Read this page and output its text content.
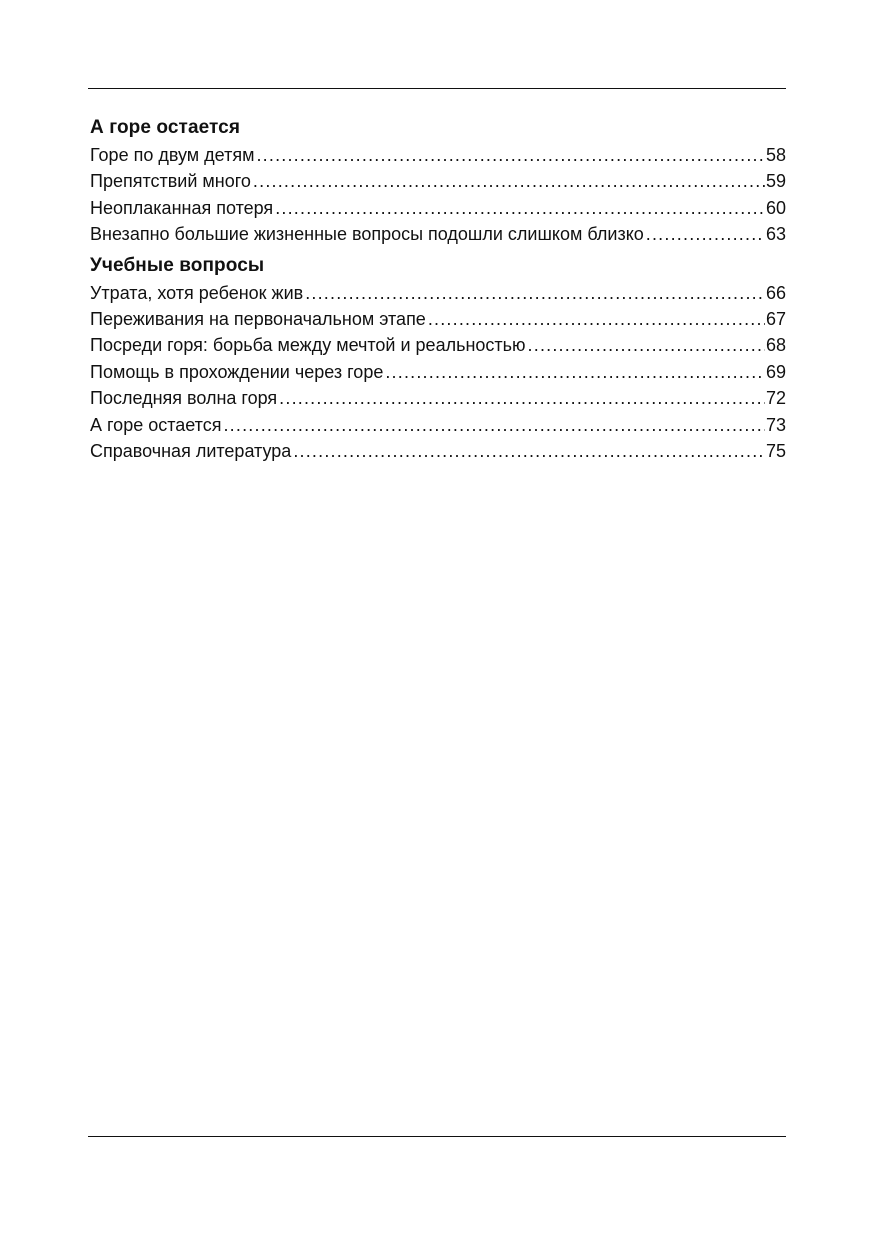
А горе остается
Горе по двум детям .....	58
Препятствий много .....	59
Неоплаканная потеря .....	60
Внезапно большие жизненные вопросы подошли слишком близко .....	63
Учебные вопросы
Утрата, хотя ребенок жив .....	66
Переживания на первоначальном этапе .....	67
Посреди горя: борьба между мечтой и реальностью .....	68
Помощь в прохождении через горе .....	69
Последняя волна горя .....	72
А горе остается .....	73
Справочная литература .....	75
